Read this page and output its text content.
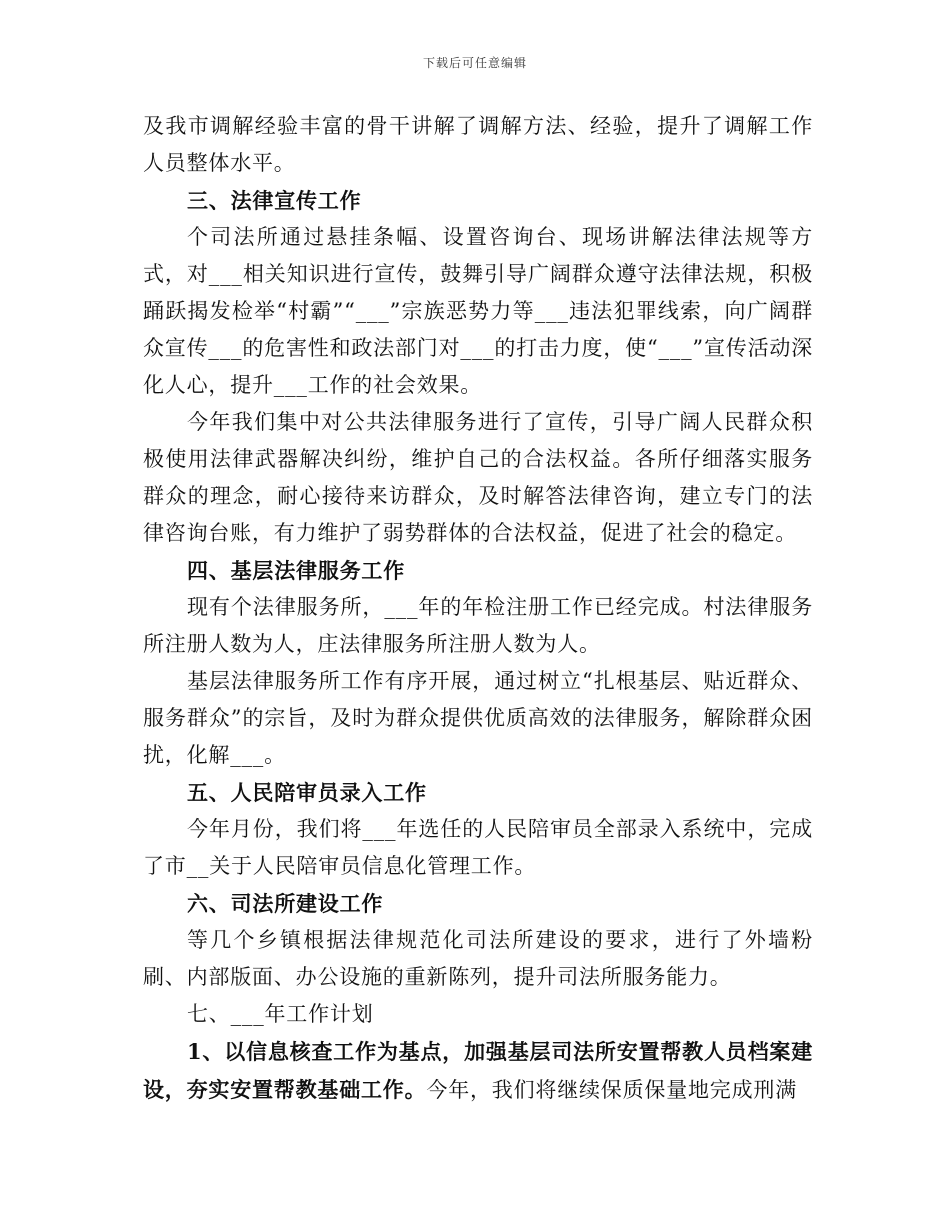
下载后可任意编辑

及我市调解经验丰富的骨干讲解了调解方法、经验，提升了调解工作人员整体水平。

三、法律宣传工作

个司法所通过悬挂条幅、设置咨询台、现场讲解法律法规等方式，对___相关知识进行宣传，鼓舞引导广阔群众遵守法律法规，积极踊跃揭发检举“村霸”“___”宗族恶势力等___违法犯罪线索，向广阔群众宣传___的危害性和政法部门对___的打击力度，使“___”宣传活动深化人心，提升___工作的社会效果。

今年我们集中对公共法律服务进行了宣传，引导广阔人民群众积极使用法律武器解决纠纷，维护自己的合法权益。各所仔细落实服务群众的理念，耐心接待来访群众，及时解答法律咨询，建立专门的法律咨询台账，有力维护了弱势群体的合法权益，促进了社会的稳定。

四、基层法律服务工作

现有个法律服务所，___年的年检注册工作已经完成。村法律服务所注册人数为人，庄法律服务所注册人数为人。

基层法律服务所工作有序开展，通过树立“扎根基层、贴近群众、服务群众”的宗旨，及时为群众提供优质高效的法律服务，解除群众困扰，化解___。

五、人民陪审员录入工作

今年月份，我们将___年选任的人民陪审员全部录入系统中，完成了市__关于人民陪审员信息化管理工作。

六、司法所建设工作

等几个乡镇根据法律规范化司法所建设的要求，进行了外墙粉刷、内部版面、办公设施的重新陈列，提升司法所服务能力。

七、___年工作计划

1、以信息核查工作为基点，加强基层司法所安置帮教人员档案建设，夯实安置帮教基础工作。今年，我们将继续保质保量地完成刑满
